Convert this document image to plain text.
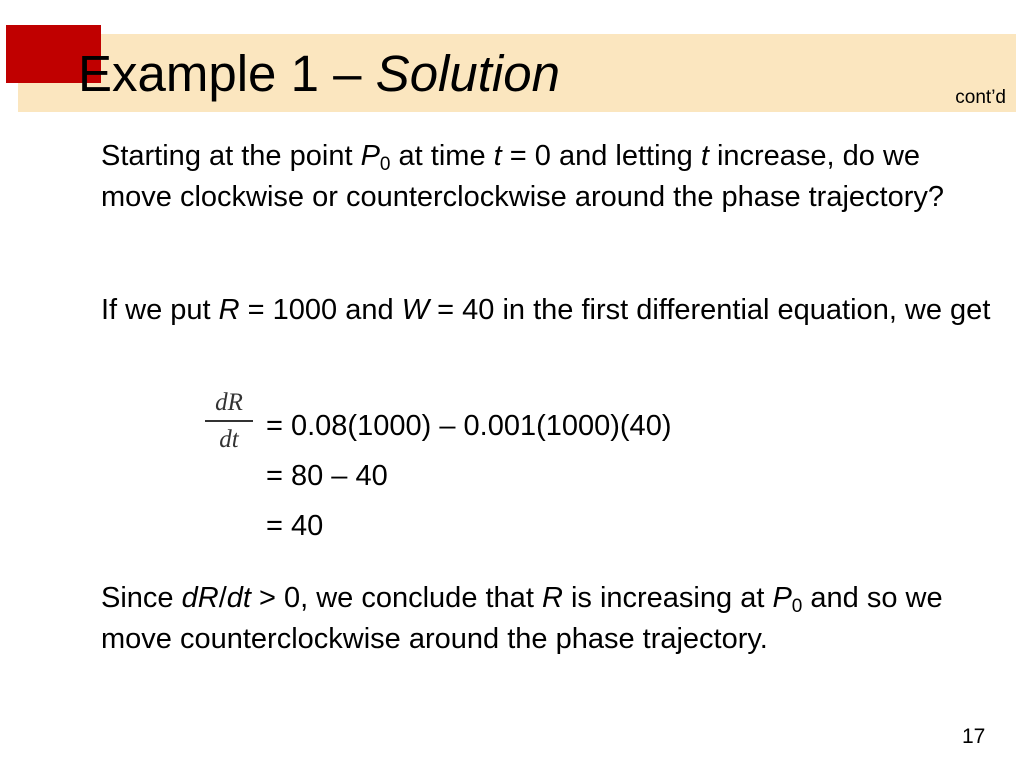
Example 1 – Solution	cont’d

Starting at the point $P_0$ at time t = 0 and letting t increase, do we move clockwise or counterclockwise around the phase trajectory?

If we put R = 1000 and W = 40 in the first differential equation, we get

dR
dt = 0.08(1000) – 0.001(1000)(40)
= 80 – 40
= 40

Since dR/dt > 0, we conclude that R is increasing at $P_0$ and so we move counterclockwise around the phase trajectory.

17
